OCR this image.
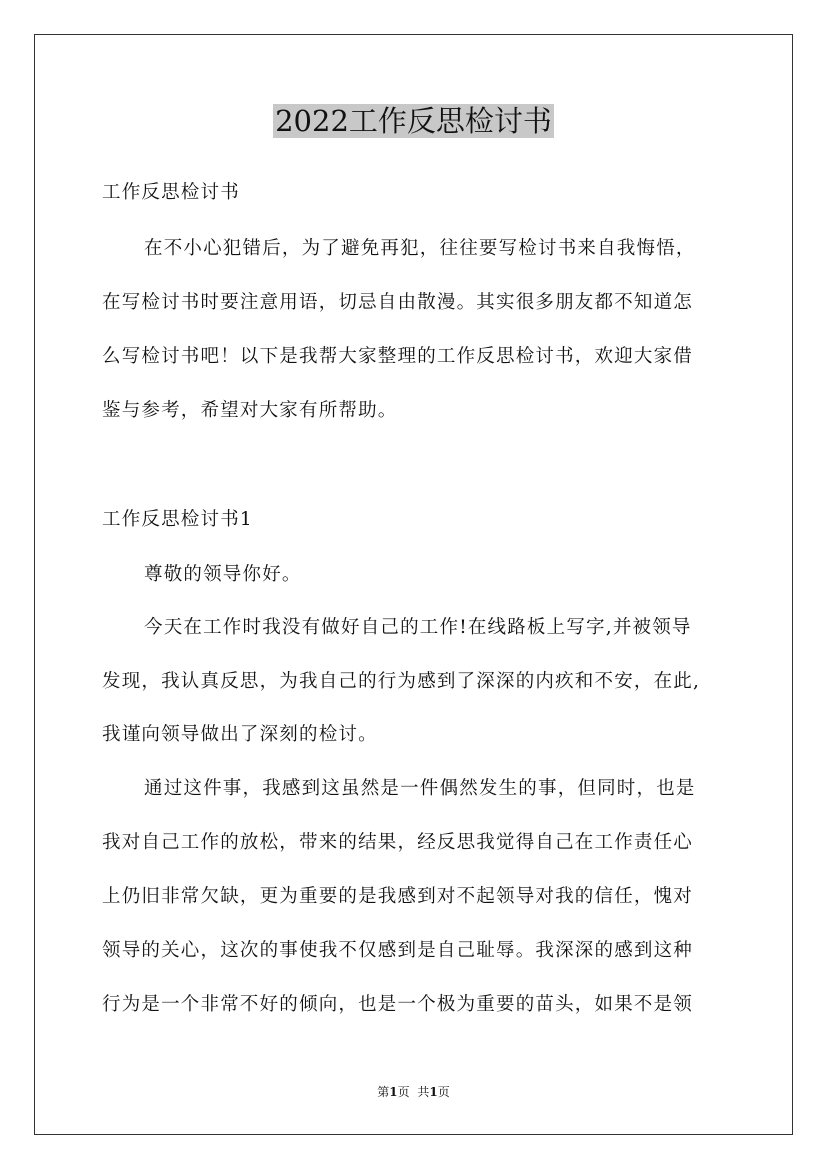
2022工作反思检讨书
工作反思检讨书
在不小心犯错后，为了避免再犯，往往要写检讨书来自我悔悟，
在写检讨书时要注意用语，切忌自由散漫。其实很多朋友都不知道怎
么写检讨书吧！以下是我帮大家整理的工作反思检讨书，欢迎大家借
鉴与参考，希望对大家有所帮助。
工作反思检讨书1
尊敬的领导你好。
今天在工作时我没有做好自己的工作!在线路板上写字,并被领导
发现，我认真反思，为我自己的行为感到了深深的内疚和不安，在此,
我谨向领导做出了深刻的检讨。
通过这件事，我感到这虽然是一件偶然发生的事，但同时，也是
我对自己工作的放松，带来的结果，经反思我觉得自己在工作责任心
上仍旧非常欠缺，更为重要的是我感到对不起领导对我的信任，愧对
领导的关心，这次的事使我不仅感到是自己耻辱。我深深的感到这种
行为是一个非常不好的倾向，也是一个极为重要的苗头，如果不是领
第1页 共1页
